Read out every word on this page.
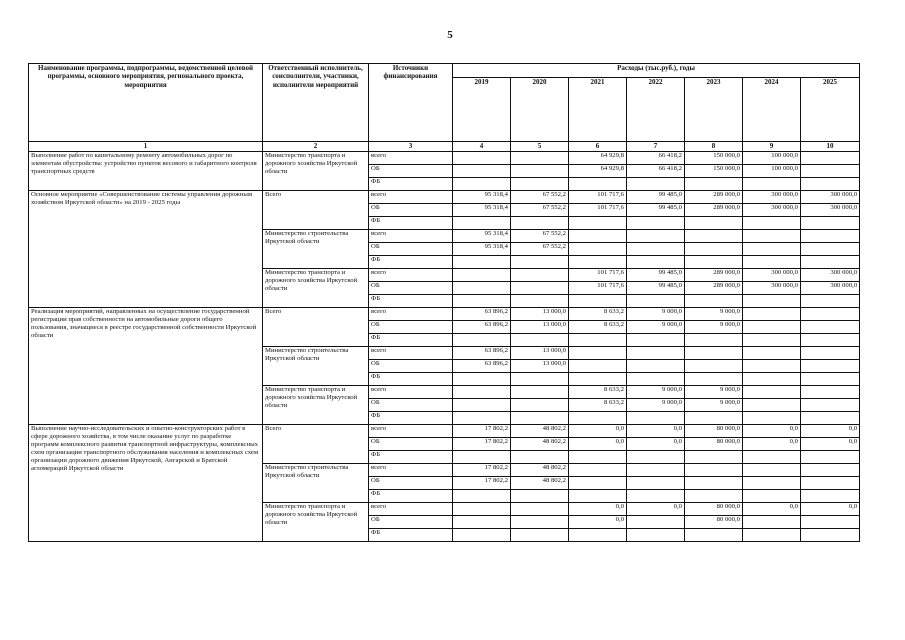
5
Наименование программы, подпрограммы, ведомственной целевой программы, основного мероприятия, регионального проекта, мероприятия	Ответственный исполнитель, соисполнители, участники, исполнители мероприятий	Источники финансирования	Расходы (тыс.руб.), годы						
			2019	2020	2021	2022	2023	2024	2025
1	2	3	4	5	6	7	8	9	10
Выполнение работ по капитальному ремонту автомобильных дорог по элементам обустройства: устройство пунктов весового и габаритного контроля транспортных средств	Министерство транспорта и дорожного хозяйства Иркутской области	всего			64 929,8	66 418,2	150 000,0	100 000,0	
		ОБ			64 929,8	66 418,2	150 000,0	100 000,0	
		ФБ							
Основное мероприятие «Совершенствование системы управления дорожным хозяйством Иркутской области» на 2019 - 2025 годы	Всего	всего	95 318,4	67 552,2	101 717,6	99 485,0	289 000,0	300 000,0	300 000,0
		ОБ	95 318,4	67 552,2	101 717,6	99 485,0	289 000,0	300 000,0	300 000,0
		ФБ							
	Министерство строительства Иркутской области	всего	95 318,4	67 552,2					
		ОБ	95 318,4	67 552,2					
		ФБ							
	Министерство транспорта и дорожного хозяйства Иркутской области	всего			101 717,6	99 485,0	289 000,0	300 000,0	300 000,0
		ОБ			101 717,6	99 485,0	289 000,0	300 000,0	300 000,0
		ФБ							
Реализация мероприятий, направленных на осуществление государственной регистрации прав собственности на автомобильные дороги общего пользования, значащиеся в реестре государственной собственности Иркутской области	Всего	всего	63 896,2	13 000,0	8 633,2	9 000,0	9 000,0		
		ОБ	63 896,2	13 000,0	8 633,2	9 000,0	9 000,0		
		ФБ							
	Министерство строительства Иркутской области	всего	63 896,2	13 000,0					
		ОБ	63 896,2	13 000,0					
		ФБ							
	Министерство транспорта и дорожного хозяйства Иркутской области	всего			8 633,2	9 000,0	9 000,0		
		ОБ			8 633,2	9 000,0	9 000,0		
		ФБ							
Выполнение научно-исследовательских и опытно-конструкторских работ в сфере дорожного хозяйства, в том числе оказание услуг по разработке программ комплексного развития транспортной инфраструктуры, комплексных схем организации транспортного обслуживания населения и комплексных схем организации дорожного движения Иркутской, Ангарской и Братской агломераций Иркутской области	Всего	всего	17 802,2	48 802,2	0,0	0,0	80 000,0	0,0	0,0
		ОБ	17 802,2	48 802,2	0,0	0,0	80 000,0	0,0	0,0
		ФБ							
	Министерство строительства Иркутской области	всего	17 802,2	48 802,2					
		ОБ	17 802,2	48 802,2					
		ФБ							
	Министерство транспорта и дорожного хозяйства Иркутской области	всего			0,0	0,0	80 000,0	0,0	0,0
		ОБ			0,0		80 000,0		
		ФБ							
